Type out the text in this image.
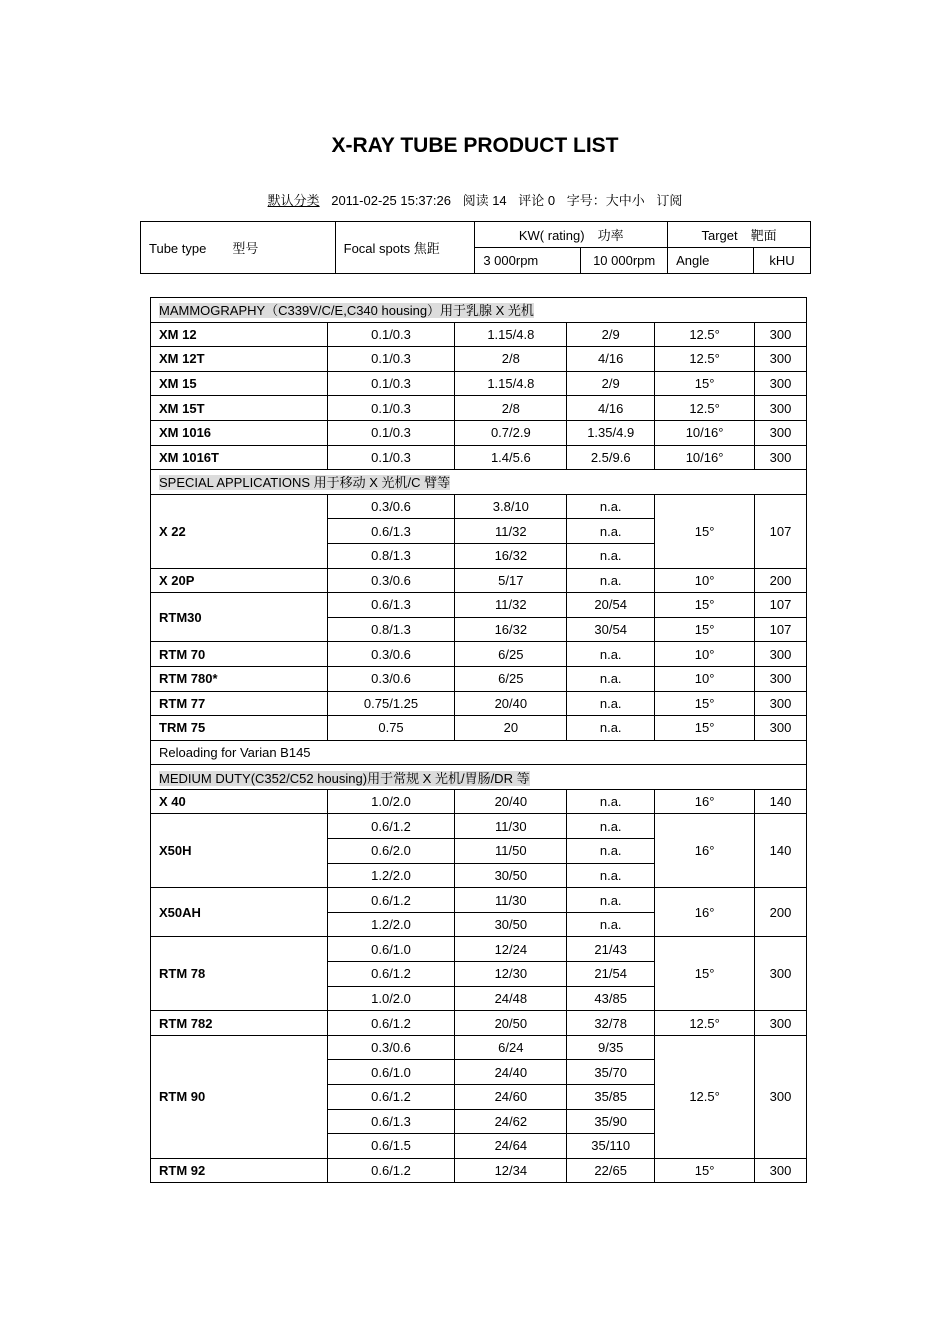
X-RAY TUBE PRODUCT LIST
默认分类 2011-02-25 15:37:26 阅读 14 评论 0 字号：大中小 订阅
Tube type　　型号	Focal spots 焦距	KW( rating)　功率		Target　靶面	
		3 000rpm	10 000rpm	Angle	kHU
MAMMOGRAPHY（C339V/C/E,C340 housing）用于乳腺 X 光机					
XM 12	0.1/0.3	1.15/4.8	2/9	12.5°	300
XM 12T	0.1/0.3	2/8	4/16	12.5°	300
XM 15	0.1/0.3	1.15/4.8	2/9	15°	300
XM 15T	0.1/0.3	2/8	4/16	12.5°	300
XM 1016	0.1/0.3	0.7/2.9	1.35/4.9	10/16°	300
XM 1016T	0.1/0.3	1.4/5.6	2.5/9.6	10/16°	300
SPECIAL APPLICATIONS 用于移动 X 光机/C 臂等					
X 22	0.3/0.6	3.8/10	n.a.	15°	107
	0.6/1.3	11/32	n.a.		
	0.8/1.3	16/32	n.a.		
X 20P	0.3/0.6	5/17	n.a.	10°	200
RTM30	0.6/1.3	11/32	20/54	15°	107
	0.8/1.3	16/32	30/54	15°	107
RTM 70	0.3/0.6	6/25	n.a.	10°	300
RTM 780*	0.3/0.6	6/25	n.a.	10°	300
RTM 77	0.75/1.25	20/40	n.a.	15°	300
TRM 75	0.75	20	n.a.	15°	300
Reloading for Varian B145					
MEDIUM DUTY(C352/C52 housing)用于常规 X 光机/胃肠/DR 等					
X 40	1.0/2.0	20/40	n.a.	16°	140
X50H	0.6/1.2	11/30	n.a.	16°	140
	0.6/2.0	11/50	n.a.		
	1.2/2.0	30/50	n.a.		
X50AH	0.6/1.2	11/30	n.a.	16°	200
	1.2/2.0	30/50	n.a.		
RTM 78	0.6/1.0	12/24	21/43	15°	300
	0.6/1.2	12/30	21/54		
	1.0/2.0	24/48	43/85		
RTM 782	0.6/1.2	20/50	32/78	12.5°	300
RTM 90	0.3/0.6	6/24	9/35	12.5°	300
	0.6/1.0	24/40	35/70		
	0.6/1.2	24/60	35/85		
	0.6/1.3	24/62	35/90		
	0.6/1.5	24/64	35/110		
RTM 92	0.6/1.2	12/34	22/65	15°	300
